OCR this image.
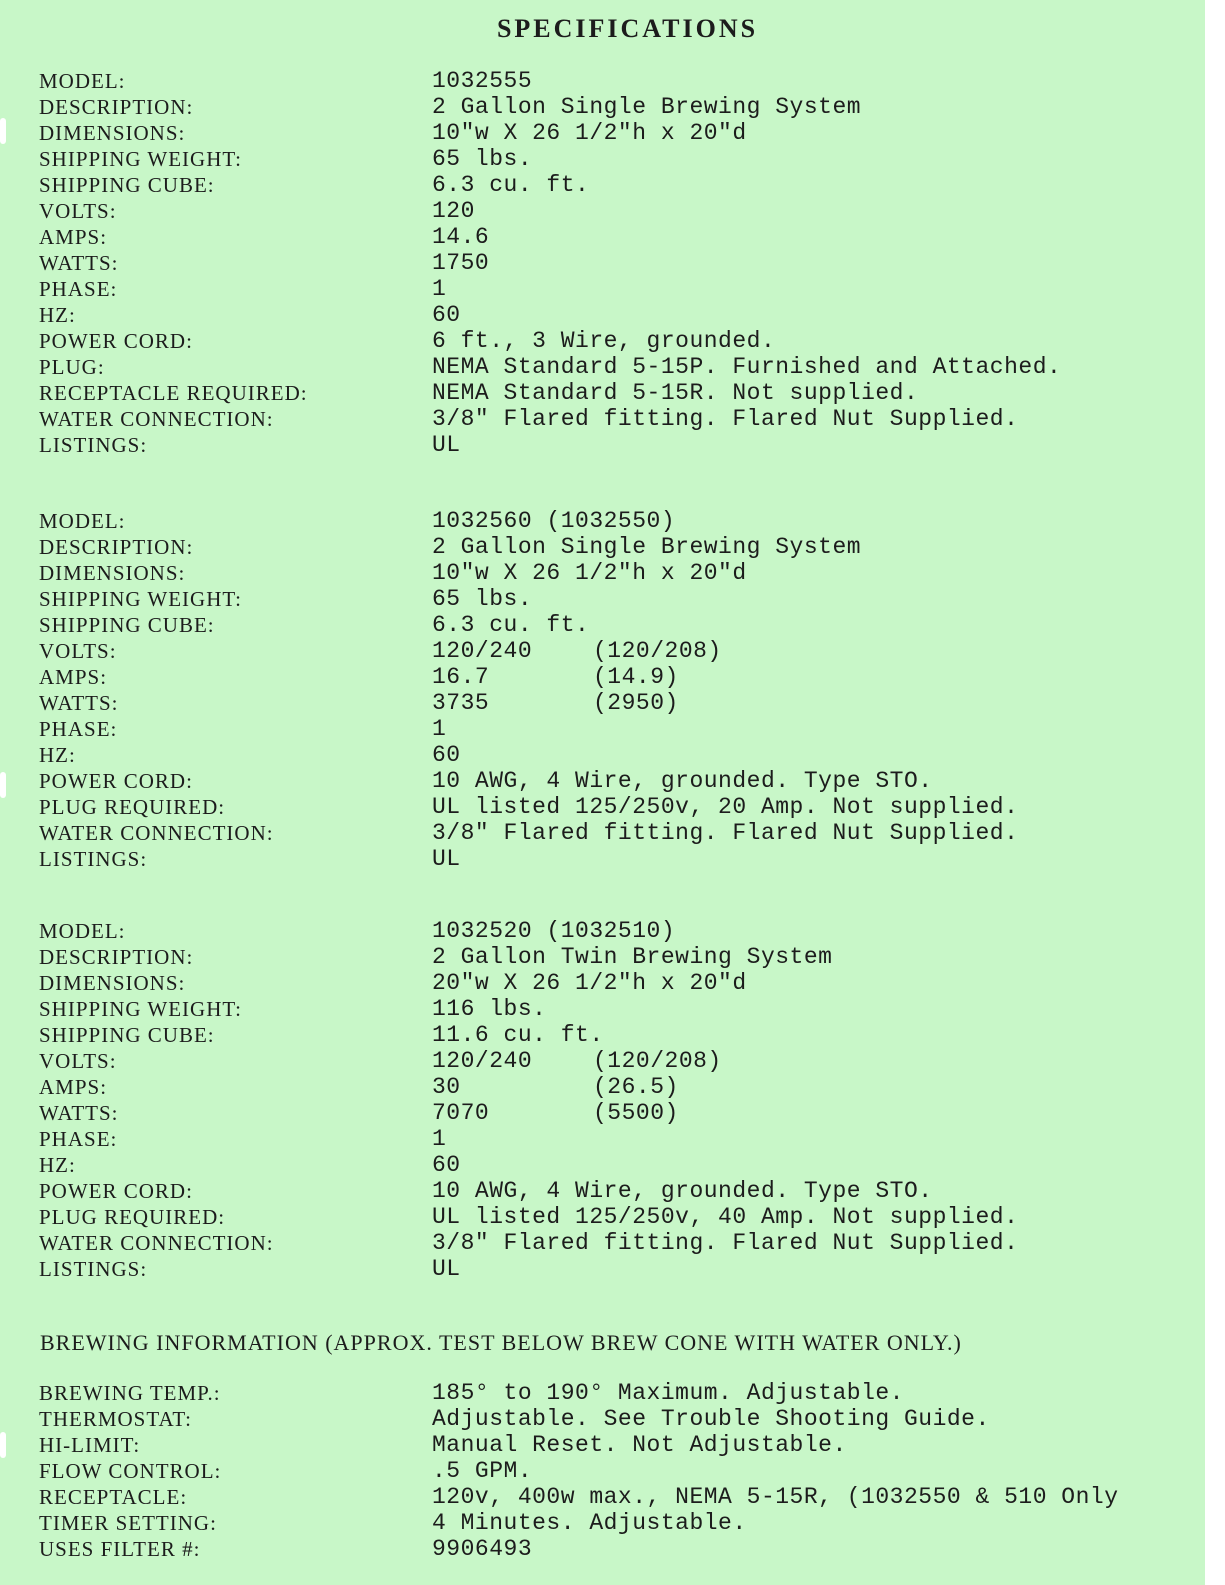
SPECIFICATIONS
MODEL:	1032555
DESCRIPTION:	2 Gallon Single Brewing System
DIMENSIONS:	10"w X 26 1/2"h x 20"d
SHIPPING WEIGHT:	65 lbs.
SHIPPING CUBE:	6.3 cu. ft.
VOLTS:	120
AMPS:	14.6
WATTS:	1750
PHASE:	1
HZ:	60
POWER CORD:	6 ft., 3 Wire, grounded.
PLUG:	NEMA Standard 5-15P. Furnished and Attached.
RECEPTACLE REQUIRED:	NEMA Standard 5-15R. Not supplied.
WATER CONNECTION:	3/8" Flared fitting. Flared Nut Supplied.
LISTINGS:	UL
MODEL:	1032560 (1032550)
DESCRIPTION:	2 Gallon Single Brewing System
DIMENSIONS:	10"w X 26 1/2"h x 20"d
SHIPPING WEIGHT:	65 lbs.
SHIPPING CUBE:	6.3 cu. ft.
VOLTS:	120/240	(120/208)
AMPS:	16.7	(14.9)
WATTS:	3735	(2950)
PHASE:	1
HZ:	60
POWER CORD:	10 AWG, 4 Wire, grounded. Type STO.
PLUG REQUIRED:	UL listed 125/250v, 20 Amp. Not supplied.
WATER CONNECTION:	3/8" Flared fitting. Flared Nut Supplied.
LISTINGS:	UL
MODEL:	1032520 (1032510)
DESCRIPTION:	2 Gallon Twin Brewing System
DIMENSIONS:	20"w X 26 1/2"h x 20"d
SHIPPING WEIGHT:	116 lbs.
SHIPPING CUBE:	11.6 cu. ft.
VOLTS:	120/240	(120/208)
AMPS:	30	(26.5)
WATTS:	7070	(5500)
PHASE:	1
HZ:	60
POWER CORD:	10 AWG, 4 Wire, grounded. Type STO.
PLUG REQUIRED:	UL listed 125/250v, 40 Amp. Not supplied.
WATER CONNECTION:	3/8" Flared fitting. Flared Nut Supplied.
LISTINGS:	UL
BREWING INFORMATION (APPROX. TEST BELOW BREW CONE WITH WATER ONLY.)
BREWING TEMP.:	185° to 190° Maximum. Adjustable.
THERMOSTAT:	Adjustable. See Trouble Shooting Guide.
HI-LIMIT:	Manual Reset. Not Adjustable.
FLOW CONTROL:	.5 GPM.
RECEPTACLE:	120v, 400w max., NEMA 5-15R, (1032550 & 510 Only
TIMER SETTING:	4 Minutes. Adjustable.
USES FILTER #:	9906493
